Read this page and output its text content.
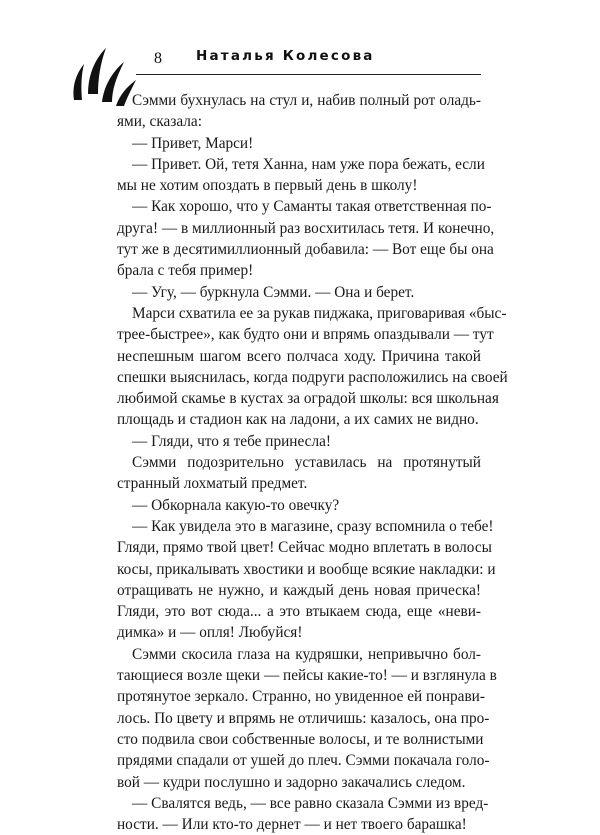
8	Наталья Колесова
Сэмми бухнулась на стул и, набив полный рот оладь-
ями, сказала:
— Привет, Марси!
— Привет. Ой, тетя Ханна, нам уже пора бежать, если
мы не хотим опоздать в первый день в школу!
— Как хорошо, что у Саманты такая ответственная по-
друга! — в миллионный раз восхитилась тетя. И конечно,
тут же в десятимиллионный добавила: — Вот еще бы она
брала с тебя пример!
— Угу, — буркнула Сэмми. — Она и берет.
Марси схватила ее за рукав пиджака, приговаривая «быс-
трее-быстрее», как будто они и впрямь опаздывали — тут
неспешным шагом всего полчаса ходу. Причина такой
спешки выяснилась, когда подруги расположились на своей
любимой скамье в кустах за оградой школы: вся школьная
площадь и стадион как на ладони, а их самих не видно.
— Гляди, что я тебе принесла!
Сэмми подозрительно уставилась на протянутый
странный лохматый предмет.
— Обкорнала какую-то овечку?
— Как увидела это в магазине, сразу вспомнила о тебе!
Гляди, прямо твой цвет! Сейчас модно вплетать в волосы
косы, прикалывать хвостики и вообще всякие накладки: и
отращивать не нужно, и каждый день новая прическа!
Гляди, это вот сюда... а это втыкаем сюда, еще «неви-
димка» и — опля! Любуйся!
Сэмми скосила глаза на кудряшки, непривычно бол-
тающиеся возле щеки — пейсы какие-то! — и взглянула в
протянутое зеркало. Странно, но увиденное ей понрави-
лось. По цвету и впрямь не отличишь: казалось, она про-
сто подвила свои собственные волосы, и те волнистыми
прядями спадали от ушей до плеч. Сэмми покачала голо-
вой — кудри послушно и задорно закачались следом.
— Свалятся ведь, — все равно сказала Сэмми из вред-
ности. — Или кто-то дернет — и нет твоего барашка!
